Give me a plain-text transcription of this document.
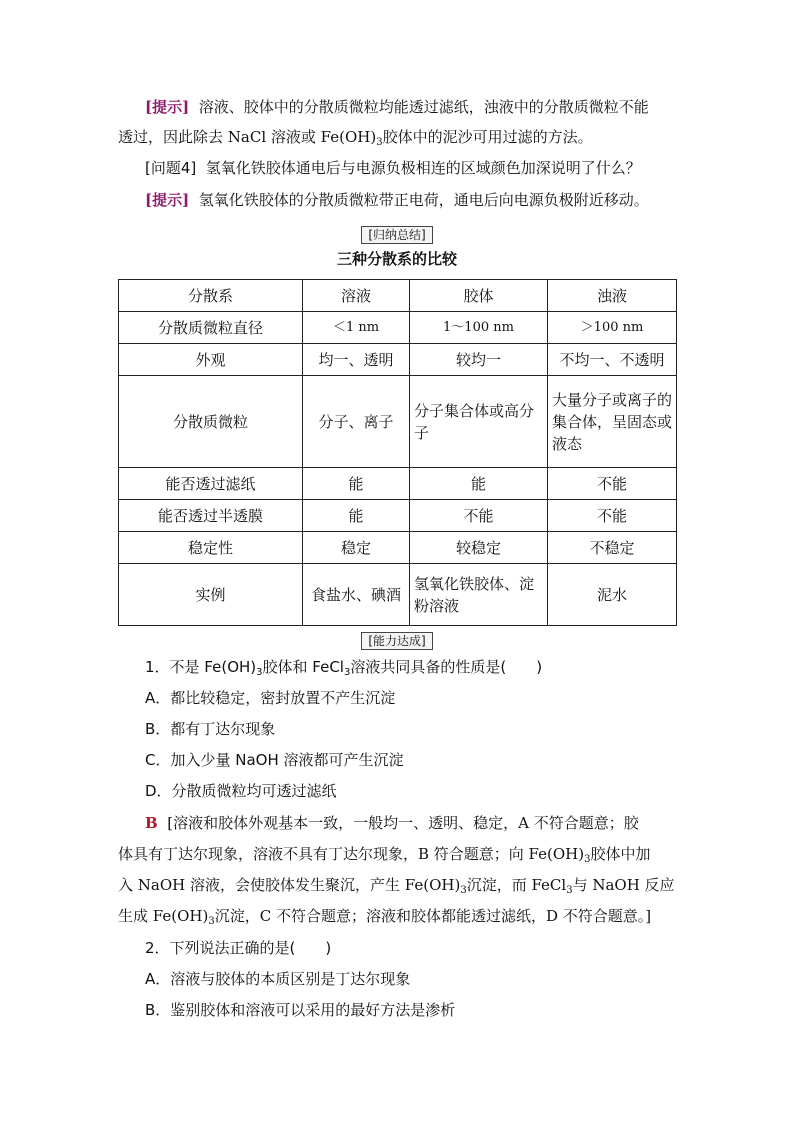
[提示] 溶液、胶体中的分散质微粒均能透过滤纸，浊液中的分散质微粒不能
透过，因此除去 NaCl 溶液或 $Fe(OH)_3$胶体中的泥沙可用过滤的方法。
[问题4] 氢氧化铁胶体通电后与电源负极相连的区域颜色加深说明了什么？
[提示] 氢氧化铁胶体的分散质微粒带正电荷，通电后向电源负极附近移动。
[归纳总结]
三种分散系的比较
分散系	溶液	胶体	浊液
分散质微粒直径	＜1 nm	1～100 nm	＞100 nm
外观	均一、透明	较均一	不均一、不透明
分散质微粒	分子、离子	分子集合体或高分子	大量分子或离子的集合体，呈固态或液态
能否透过滤纸	能	能	不能
能否透过半透膜	能	不能	不能
稳定性	稳定	较稳定	不稳定
实例	食盐水、碘酒	氢氧化铁胶体、淀粉溶液	泥水
[能力达成]
1．不是 $Fe(OH)_3$胶体和 FeCl$_3$溶液共同具备的性质是(　　)
A．都比较稳定，密封放置不产生沉淀
B．都有丁达尔现象
C．加入少量 NaOH 溶液都可产生沉淀
D．分散质微粒均可透过滤纸
B [溶液和胶体外观基本一致，一般均一、透明、稳定，A 不符合题意；胶
体具有丁达尔现象，溶液不具有丁达尔现象，B 符合题意；向 $Fe(OH)_3$胶体中加
入 NaOH 溶液，会使胶体发生聚沉，产生 $Fe(OH)_3$沉淀，而 FeCl$_3$与 NaOH 反应
生成 $Fe(OH)_3$沉淀，C 不符合题意；溶液和胶体都能透过滤纸，D 不符合题意。]
2．下列说法正确的是(　　)
A．溶液与胶体的本质区别是丁达尔现象
B．鉴别胶体和溶液可以采用的最好方法是渗析
